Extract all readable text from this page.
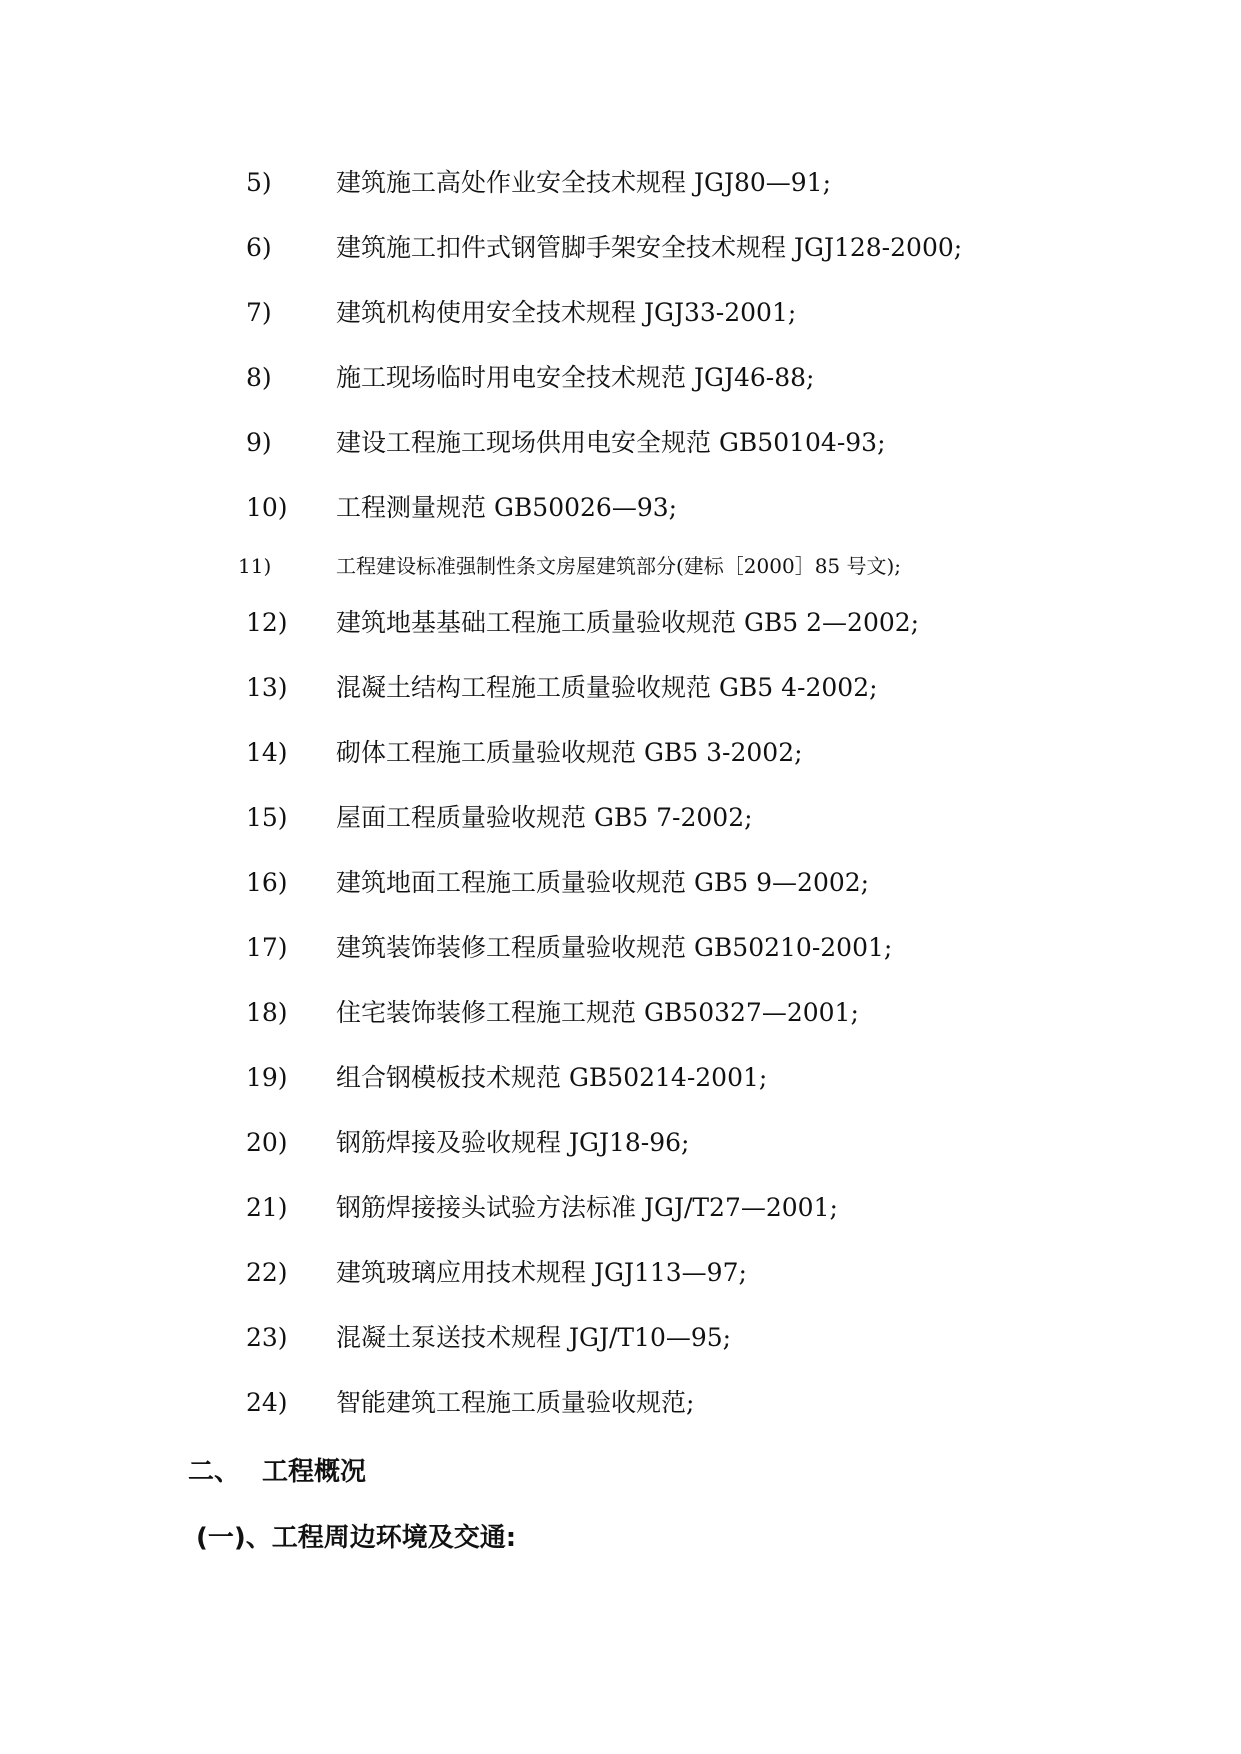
5)	建筑施工高处作业安全技术规程 JGJ80—91;
6)	建筑施工扣件式钢管脚手架安全技术规程 JGJ128-2000;
7)	建筑机构使用安全技术规程 JGJ33-2001;
8)	施工现场临时用电安全技术规范 JGJ46-88;
9)	建设工程施工现场供用电安全规范 GB50104-93;
10)	工程测量规范 GB50026—93;
11)	工程建设标准强制性条文房屋建筑部分(建标［2000］85 号文);
12)	建筑地基基础工程施工质量验收规范 GB5 2—2002;
13)	混凝土结构工程施工质量验收规范 GB5 4-2002;
14)	砌体工程施工质量验收规范 GB5 3-2002;
15)	屋面工程质量验收规范 GB5 7-2002;
16)	建筑地面工程施工质量验收规范 GB5 9—2002;
17)	建筑装饰装修工程质量验收规范 GB50210-2001;
18)	住宅装饰装修工程施工规范 GB50327—2001;
19)	组合钢模板技术规范 GB50214-2001;
20)	钢筋焊接及验收规程 JGJ18-96;
21)	钢筋焊接接头试验方法标准 JGJ/T27—2001;
22)	建筑玻璃应用技术规程 JGJ113—97;
23)	混凝土泵送技术规程 JGJ/T10—95;
24)	智能建筑工程施工质量验收规范;
二、 工程概况
(一)、工程周边环境及交通:
